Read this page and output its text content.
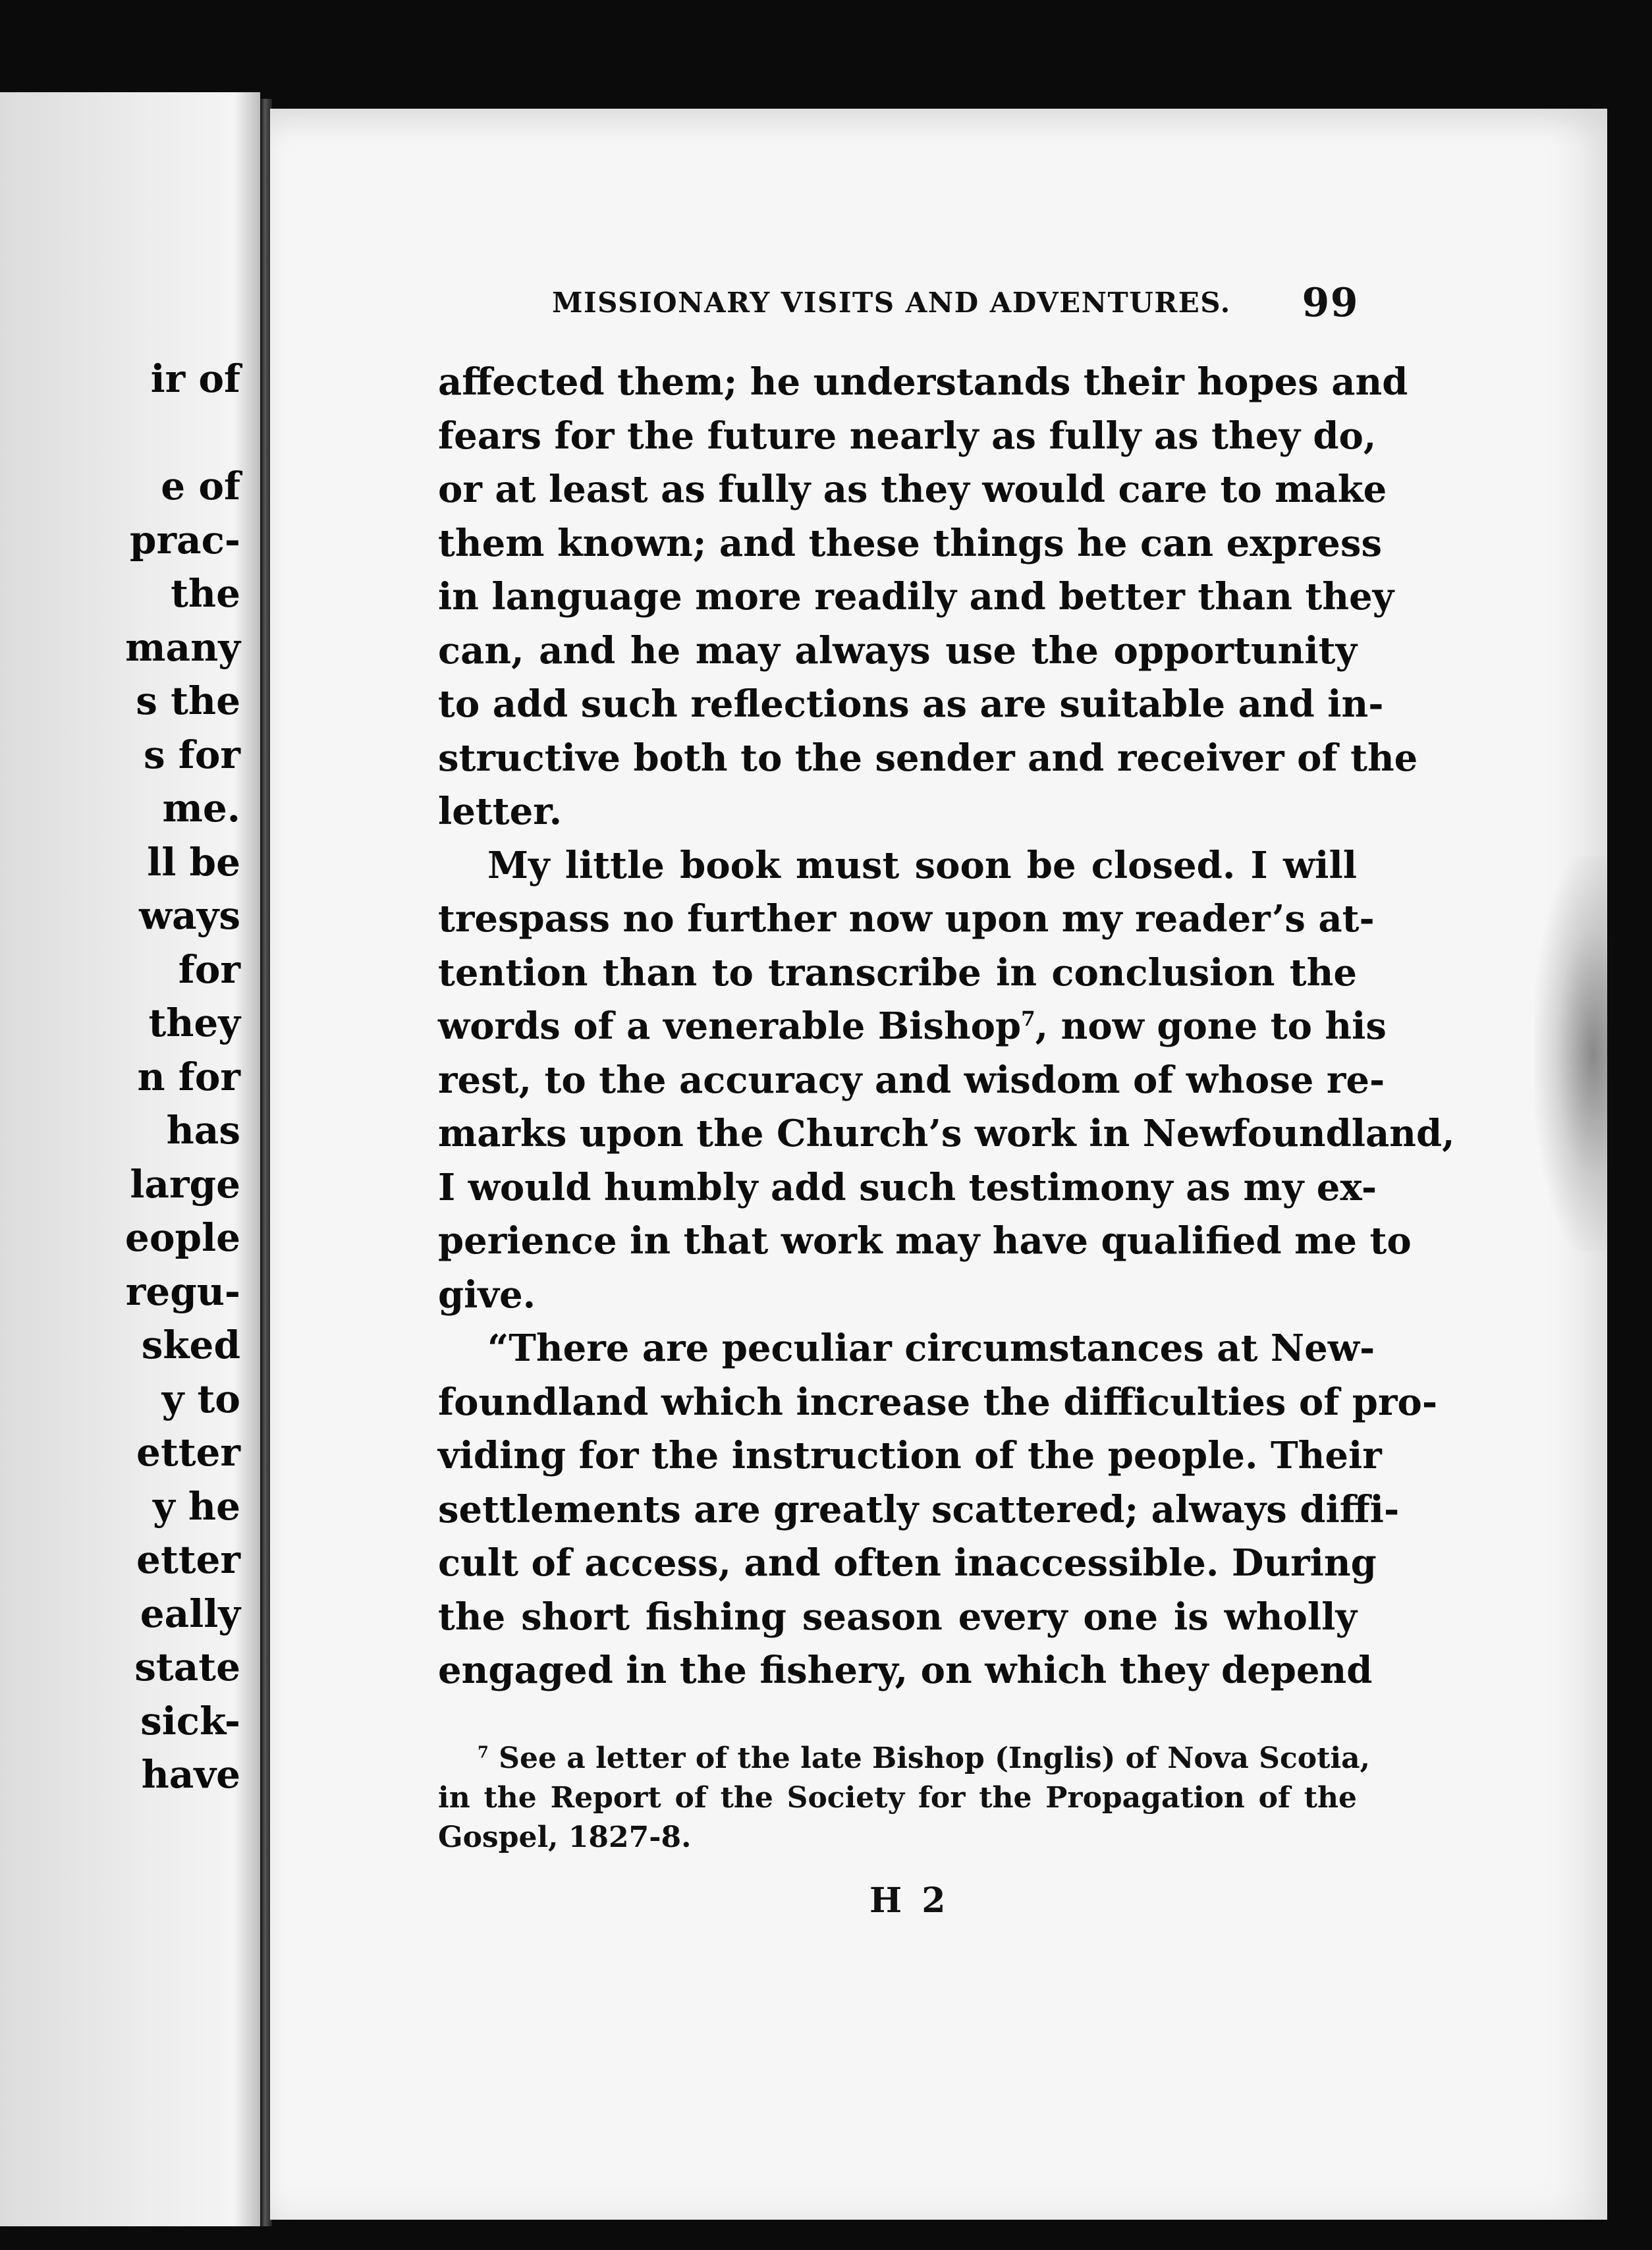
ir of
e of
prac-
the
many
s the
s for
me.
ll be
ways
for
they
n for
has
large
eople
regu-
sked
y to
etter
y he
etter
eally
state
sick-
have
MISSIONARY VISITS AND ADVENTURES. 99
affected them; he understands their hopes and
fears for the future nearly as fully as they do,
or at least as fully as they would care to make
them known; and these things he can express
in language more readily and better than they
can, and he may always use the opportunity
to add such reflections as are suitable and in-
structive both to the sender and receiver of the
letter.
My little book must soon be closed. I will
trespass no further now upon my reader’s at-
tention than to transcribe in conclusion the
words of a venerable Bishop$^7$, now gone to his
rest, to the accuracy and wisdom of whose re-
marks upon the Church’s work in Newfoundland,
I would humbly add such testimony as my ex-
perience in that work may have qualified me to
give.
“There are peculiar circumstances at New-
foundland which increase the difficulties of pro-
viding for the instruction of the people. Their
settlements are greatly scattered; always diffi-
cult of access, and often inaccessible. During
the short fishing season every one is wholly
engaged in the fishery, on which they depend
$^7$ See a letter of the late Bishop (Inglis) of Nova Scotia,
in the Report of the Society for the Propagation of the
Gospel, 1827-8.
H 2
